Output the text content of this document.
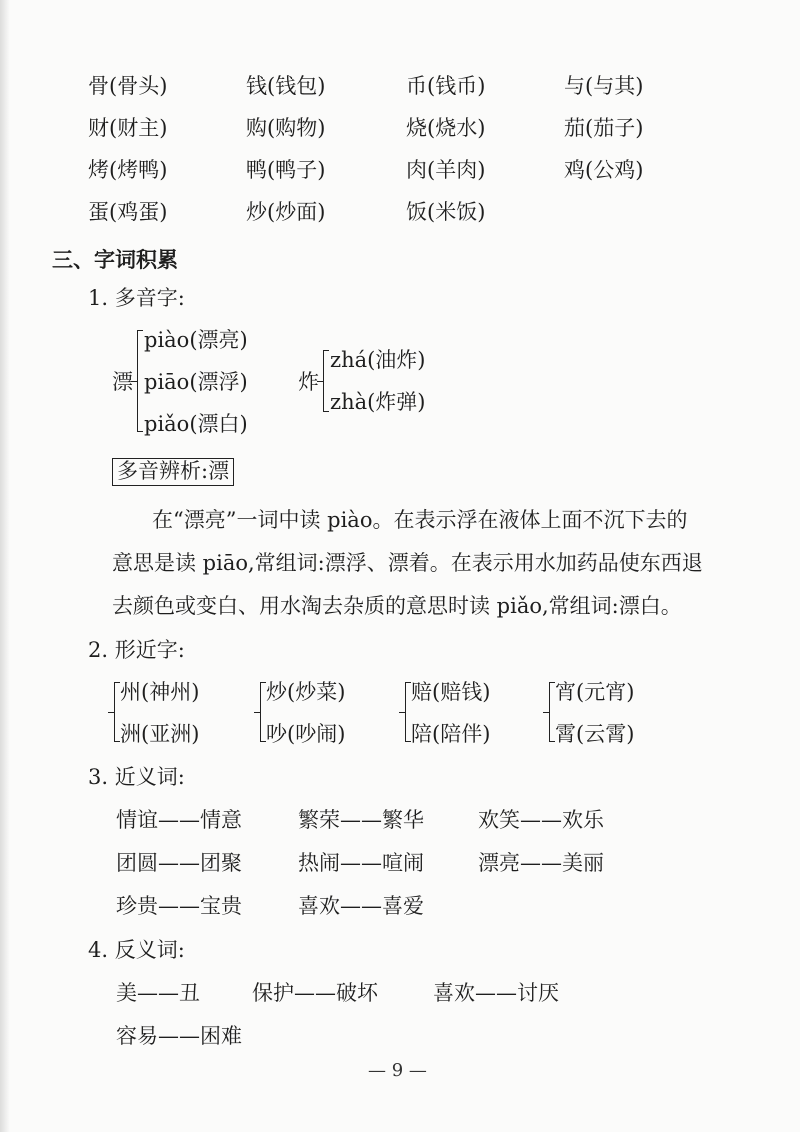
骨(骨头)	钱(钱包)	币(钱币)	与(与其)
财(财主)	购(购物)	烧(烧水)	茄(茄子)
烤(烤鸭)	鸭(鸭子)	肉(羊肉)	鸡(公鸡)
蛋(鸡蛋)	炒(炒面)	饭(米饭)
三、字词积累
1. 多音字:
漂
piào(漂亮)
piāo(漂浮)
piǎo(漂白)
炸
zhá(油炸)
zhà(炸弹)
多音辨析:漂
在“漂亮”一词中读 piào。在表示浮在液体上面不沉下去的
意思是读 piāo,常组词:漂浮、漂着。在表示用水加药品使东西退
去颜色或变白、用水淘去杂质的意思时读 piǎo,常组词:漂白。
2. 形近字:
州(神州)
洲(亚洲)
炒(炒菜)
吵(吵闹)
赔(赔钱)
陪(陪伴)
宵(元宵)
霄(云霄)
3. 近义词:
情谊——情意	繁荣——繁华	欢笑——欢乐
团圆——团聚	热闹——喧闹	漂亮——美丽
珍贵——宝贵	喜欢——喜爱
4. 反义词:
美——丑 保护——破坏	喜欢——讨厌
容易——困难
— 9 —
